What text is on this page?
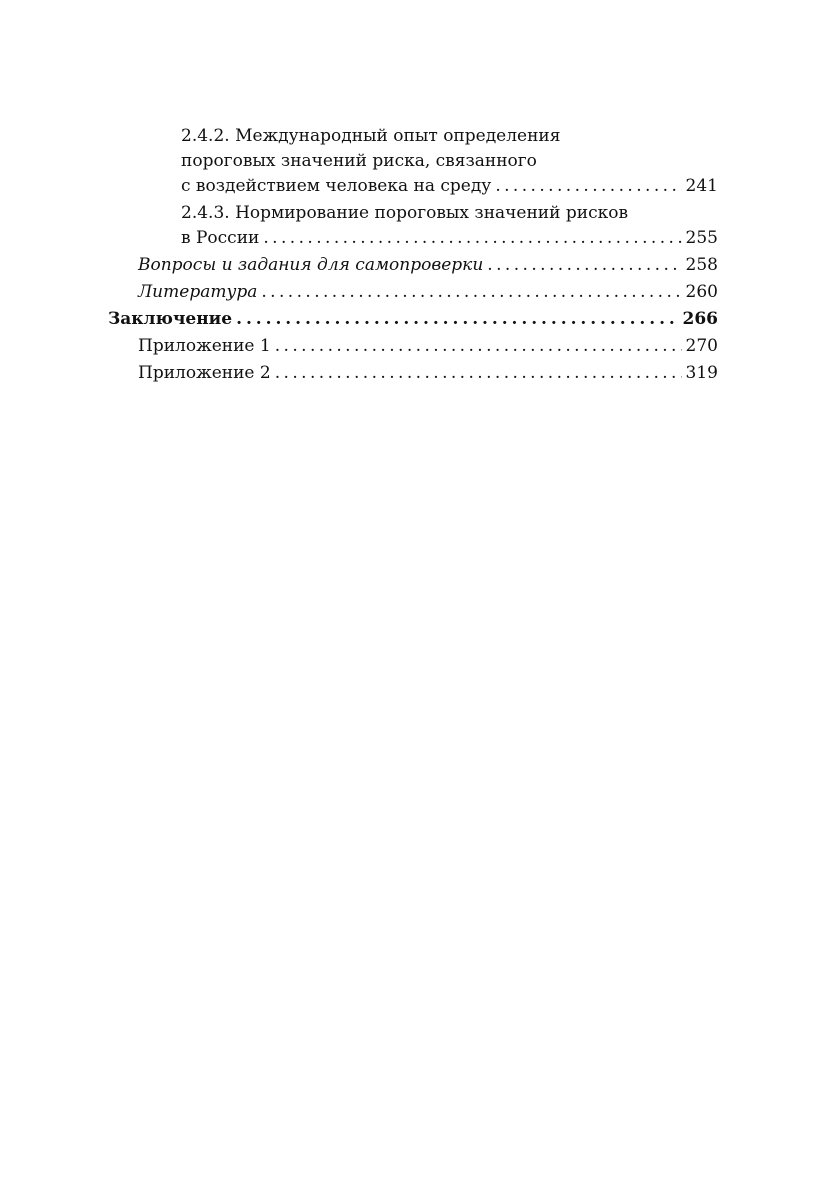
2.4.2. Международный опыт определения
пороговых значений риска, связанного
с воздействием человека на среду . . .	241
2.4.3. Нормирование пороговых значений рисков
в России . . .	255
Вопросы и задания для самопроверки . . .	258
Литература . . .	260
Заключение . . .	266
Приложение 1 . . .	270
Приложение 2 . . .	319
